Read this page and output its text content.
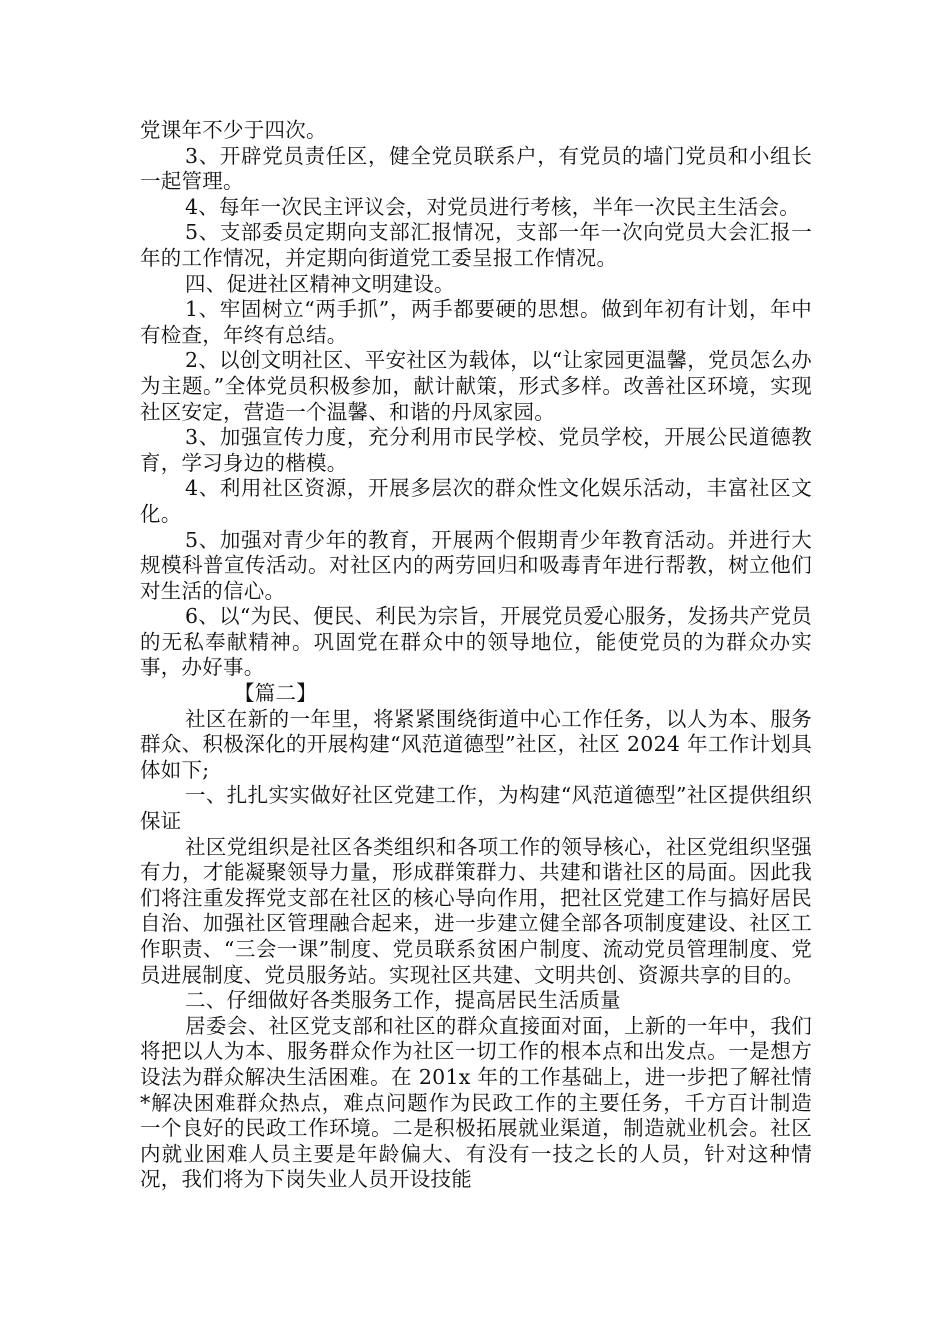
党课年不少于四次。

3、开辟党员责任区，健全党员联系户，有党员的墙门党员和小组长一起管理。

4、每年一次民主评议会，对党员进行考核，半年一次民主生活会。

5、支部委员定期向支部汇报情况，支部一年一次向党员大会汇报一年的工作情况，并定期向街道党工委呈报工作情况。

四、促进社区精神文明建设。

1、牢固树立“两手抓”，两手都要硬的思想。做到年初有计划，年中有检查，年终有总结。

2、以创文明社区、平安社区为载体，以“让家园更温馨，党员怎么办为主题。”全体党员积极参加，献计献策，形式多样。改善社区环境，实现社区安定，营造一个温馨、和谐的丹凤家园。

3、加强宣传力度，充分利用市民学校、党员学校，开展公民道德教育，学习身边的楷模。

4、利用社区资源，开展多层次的群众性文化娱乐活动，丰富社区文化。

5、加强对青少年的教育，开展两个假期青少年教育活动。并进行大规模科普宣传活动。对社区内的两劳回归和吸毒青年进行帮教，树立他们对生活的信心。

6、以“为民、便民、利民为宗旨，开展党员爱心服务，发扬共产党员的无私奉献精神。巩固党在群众中的领导地位，能使党员的为群众办实事，办好事。

【篇二】

社区在新的一年里，将紧紧围绕街道中心工作任务，以人为本、服务群众、积极深化的开展构建“风范道德型”社区，社区 2024 年工作计划具体如下;

一、扎扎实实做好社区党建工作，为构建“风范道德型”社区提供组织保证

社区党组织是社区各类组织和各项工作的领导核心，社区党组织坚强有力，才能凝聚领导力量，形成群策群力、共建和谐社区的局面。因此我们将注重发挥党支部在社区的核心导向作用，把社区党建工作与搞好居民自治、加强社区管理融合起来，进一步建立健全部各项制度建设、社区工作职责、“三会一课”制度、党员联系贫困户制度、流动党员管理制度、党员进展制度、党员服务站。实现社区共建、文明共创、资源共享的目的。

二、仔细做好各类服务工作，提高居民生活质量

居委会、社区党支部和社区的群众直接面对面，上新的一年中，我们将把以人为本、服务群众作为社区一切工作的根本点和出发点。一是想方设法为群众解决生活困难。在 201x 年的工作基础上，进一步把了解社情*解决困难群众热点，难点问题作为民政工作的主要任务，千方百计制造一个良好的民政工作环境。二是积极拓展就业渠道，制造就业机会。社区内就业困难人员主要是年龄偏大、有没有一技之长的人员，针对这种情况，我们将为下岗失业人员开设技能
